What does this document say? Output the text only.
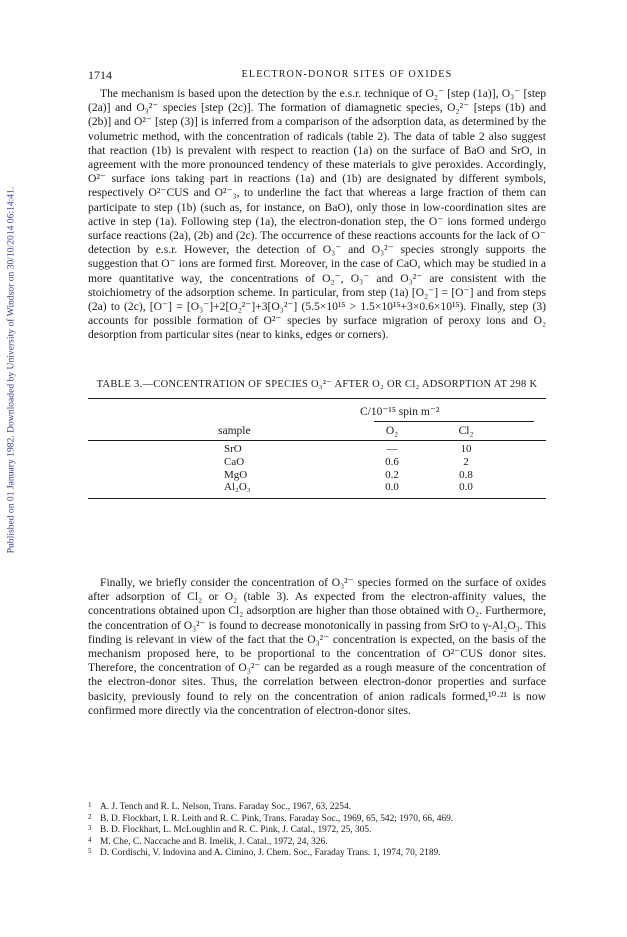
Published on 01 January 1982. Downloaded by University of Windsor on 30/10/2014 06:14:41.
1714	ELECTRON-DONOR SITES OF OXIDES

The mechanism is based upon the detection by the e.s.r. technique of O₂⁻ [step (1a)], O₃⁻ [step (2a)] and O₃²⁻ species [step (2c)]. The formation of diamagnetic species, O₂²⁻ [steps (1b) and (2b)] and O²⁻ [step (3)] is inferred from a comparison of the adsorption data, as determined by the volumetric method, with the concentration of radicals (table 2). The data of table 2 also suggest that reaction (1b) is prevalent with respect to reaction (1a) on the surface of BaO and SrO, in agreement with the more pronounced tendency of these materials to give peroxides. Accordingly, O²⁻ surface ions taking part in reactions (1a) and (1b) are designated by different symbols, respectively O²⁻CUS and O²⁻₃, to underline the fact that whereas a large fraction of them can participate to step (1b) (such as, for instance, on BaO), only those in low-coordination sites are active in step (1a). Following step (1a), the electron-donation step, the O⁻ ions formed undergo surface reactions (2a), (2b) and (2c). The occurrence of these reactions accounts for the lack of O⁻ detection by e.s.r. However, the detection of O₃⁻ and O₃²⁻ species strongly supports the suggestion that O⁻ ions are formed first. Moreover, in the case of CaO, which may be studied in a more quantitative way, the concentrations of O₂⁻, O₃⁻ and O₃²⁻ are consistent with the stoichiometry of the adsorption scheme. In particular, from step (1a) [O₂⁻] = [O⁻] and from steps (2a) to (2c), [O⁻] = [O₃⁻]+2[O₂²⁻]+3[O₃²⁻] (5.5×10¹⁵ > 1.5×10¹⁵+3×0.6×10¹⁵). Finally, step (3) accounts for possible formation of O²⁻ species by surface migration of peroxy ions and O₂ desorption from particular sites (near to kinks, edges or corners).

TABLE 3.—CONCENTRATION OF SPECIES O₃²⁻ AFTER O₂ OR Cl₂ ADSORPTION AT 298 K
C/10⁻¹⁵ spin m⁻²
sample	O₂	Cl₂
SrO	—	10
CaO	0.6	2
MgO	0.2	0.8
Al₂O₃	0.0	0.0

Finally, we briefly consider the concentration of O₃²⁻ species formed on the surface of oxides after adsorption of Cl₂ or O₂ (table 3). As expected from the electron-affinity values, the concentrations obtained upon Cl₂ adsorption are higher than those obtained with O₂. Furthermore, the concentration of O₃²⁻ is found to decrease monotonically in passing from SrO to γ-Al₂O₃. This finding is relevant in view of the fact that the O₃²⁻ concentration is expected, on the basis of the mechanism proposed here, to be proportional to the concentration of O²⁻CUS donor sites. Therefore, the concentration of O₃²⁻ can be regarded as a rough measure of the concentration of the electron-donor sites. Thus, the correlation between electron-donor properties and surface basicity, previously found to rely on the concentration of anion radicals formed,¹⁰·²¹ is now confirmed more directly via the concentration of electron-donor sites.

1 A. J. Tench and R. L. Nelson, Trans. Faraday Soc., 1967, 63, 2254.
2 B. D. Flockhart, I. R. Leith and R. C. Pink, Trans. Faraday Soc., 1969, 65, 542; 1970, 66, 469.
3 B. D. Flockhart, L. McLoughlin and R. C. Pink, J. Catal., 1972, 25, 305.
4 M. Che, C. Naccache and B. Imelik, J. Catal., 1972, 24, 326.
5 D. Cordischi, V. Indovina and A. Cimino, J. Chem. Soc., Faraday Trans. 1, 1974, 70, 2189.
